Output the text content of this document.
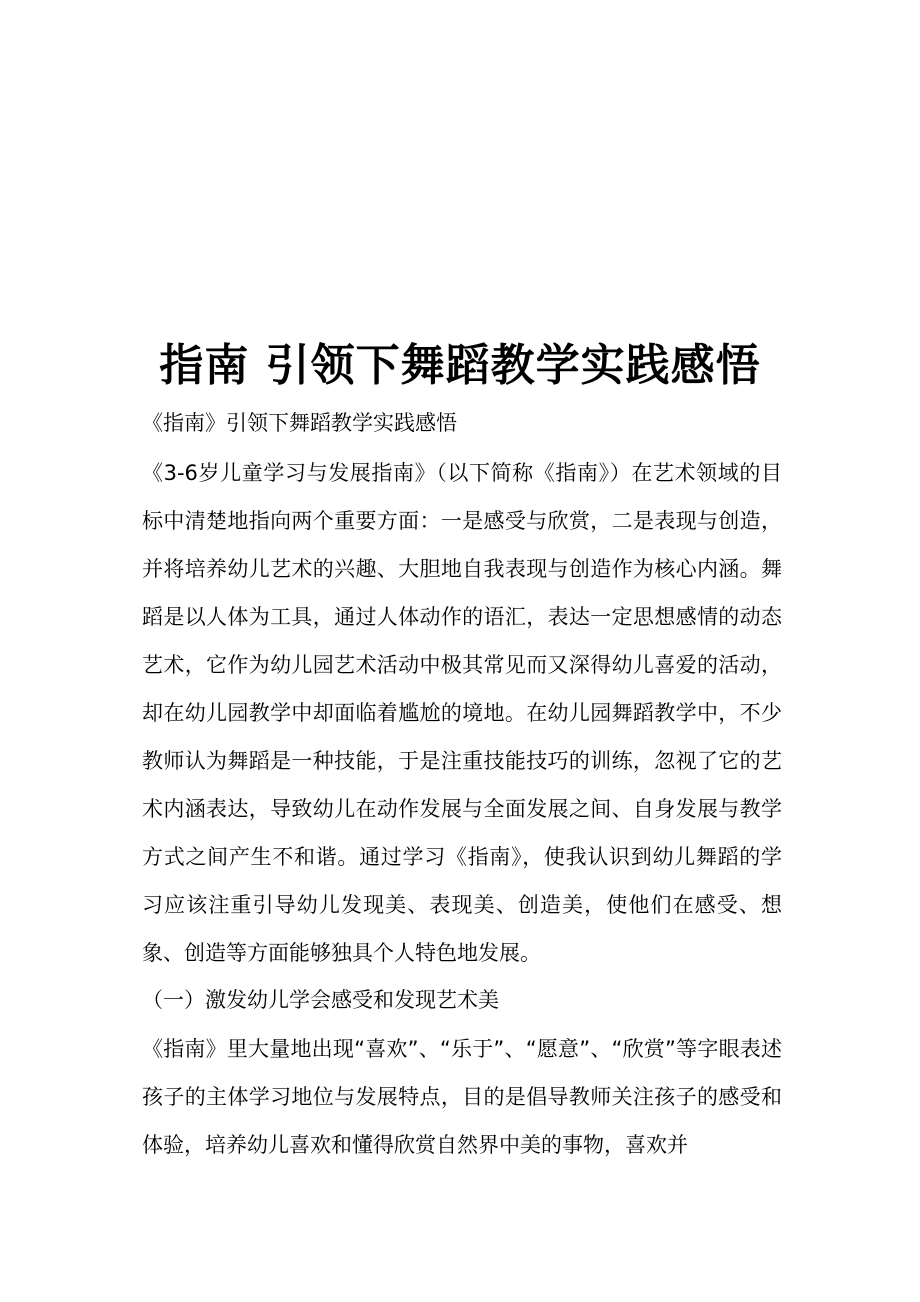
指南 引领下舞蹈教学实践感悟
《指南》引领下舞蹈教学实践感悟

《3-6岁儿童学习与发展指南》（以下简称《指南》）在艺术领域的目标中清楚地指向两个重要方面：一是感受与欣赏，二是表现与创造，并将培养幼儿艺术的兴趣、大胆地自我表现与创造作为核心内涵。舞蹈是以人体为工具，通过人体动作的语汇，表达一定思想感情的动态艺术，它作为幼儿园艺术活动中极其常见而又深得幼儿喜爱的活动，却在幼儿园教学中却面临着尴尬的境地。在幼儿园舞蹈教学中，不少教师认为舞蹈是一种技能，于是注重技能技巧的训练，忽视了它的艺术内涵表达，导致幼儿在动作发展与全面发展之间、自身发展与教学方式之间产生不和谐。通过学习《指南》，使我认识到幼儿舞蹈的学习应该注重引导幼儿发现美、表现美、创造美，使他们在感受、想象、创造等方面能够独具个人特色地发展。

（一）激发幼儿学会感受和发现艺术美

《指南》里大量地出现“喜欢”、“乐于”、“愿意”、“欣赏”等字眼表述孩子的主体学习地位与发展特点，目的是倡导教师关注孩子的感受和体验，培养幼儿喜欢和懂得欣赏自然界中美的事物，喜欢并
